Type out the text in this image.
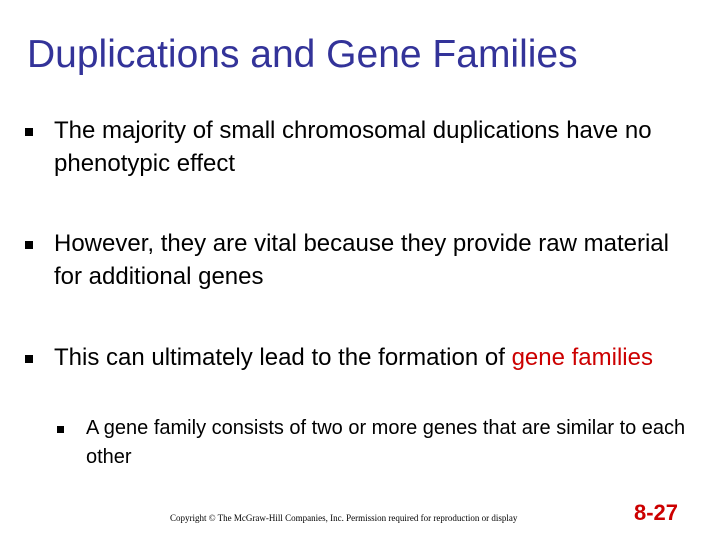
Duplications and Gene Families
The majority of small chromosomal duplications have no phenotypic effect
However, they are vital because they provide raw material for additional genes
This can ultimately lead to the formation of gene families
A gene family consists of two or more genes that are similar to each other
Copyright © The McGraw-Hill Companies, Inc. Permission required for reproduction or display	8-27
